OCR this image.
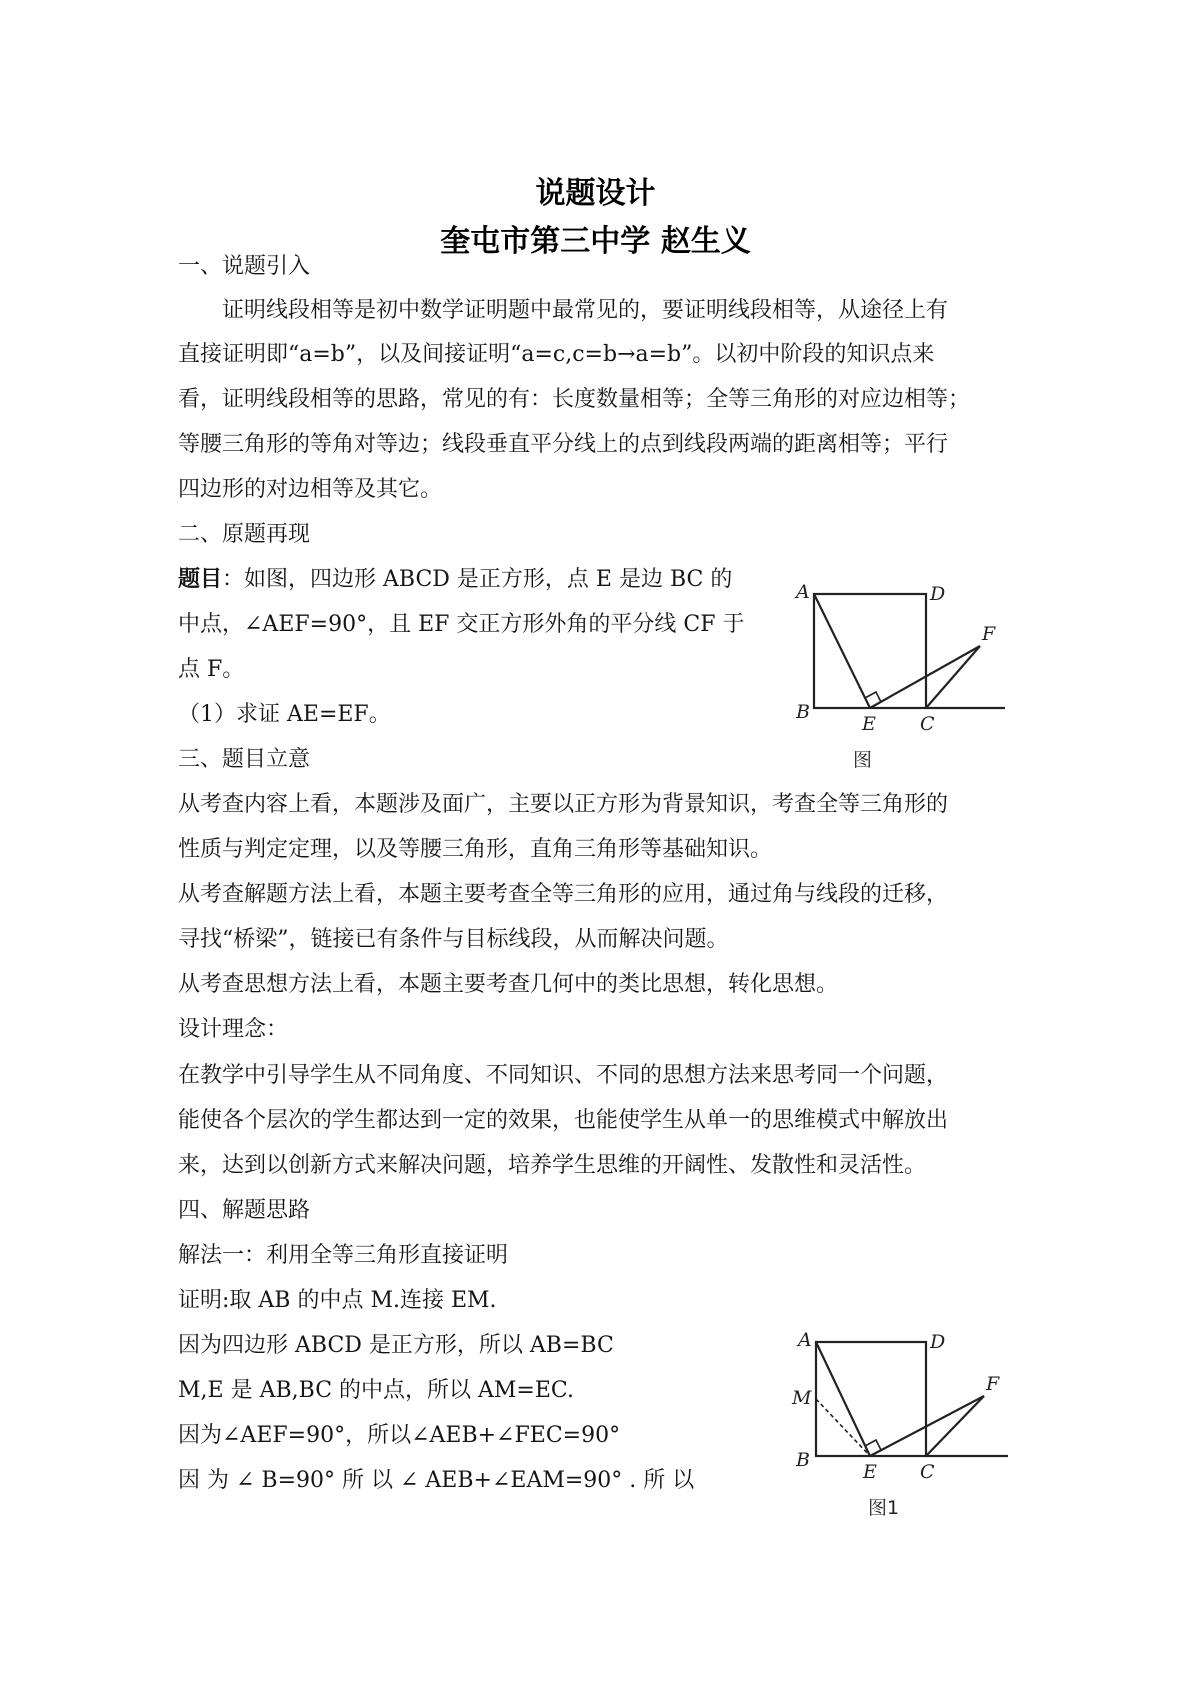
说题设计
奎屯市第三中学 赵生义
一、说题引入
　　证明线段相等是初中数学证明题中最常见的，要证明线段相等，从途径上有
直接证明即“a=b”，以及间接证明“a=c,c=b→a=b”。以初中阶段的知识点来
看，证明线段相等的思路，常见的有：长度数量相等；全等三角形的对应边相等；
等腰三角形的等角对等边；线段垂直平分线上的点到线段两端的距离相等；平行
四边形的对边相等及其它。
二、原题再现
题目：如图，四边形 ABCD 是正方形，点 E 是边 BC 的
中点，∠AEF=90°，且 EF 交正方形外角的平分线 CF 于
点 F。
（1）求证 AE=EF。
三、题目立意
从考查内容上看，本题涉及面广，主要以正方形为背景知识，考查全等三角形的
性质与判定定理，以及等腰三角形，直角三角形等基础知识。
从考查解题方法上看，本题主要考查全等三角形的应用，通过角与线段的迁移，
寻找“桥梁”，链接已有条件与目标线段，从而解决问题。
从考查思想方法上看，本题主要考查几何中的类比思想，转化思想。
设计理念：
在教学中引导学生从不同角度、不同知识、不同的思想方法来思考同一个问题，
能使各个层次的学生都达到一定的效果，也能使学生从单一的思维模式中解放出
来，达到以创新方式来解决问题，培养学生思维的开阔性、发散性和灵活性。
四、解题思路
解法一：利用全等三角形直接证明
证明:取 AB 的中点 M.连接 EM.
因为四边形 ABCD 是正方形，所以 AB=BC
M,E 是 AB,BC 的中点，所以 AM=EC.
因为∠AEF=90°，所以∠AEB+∠FEC=90°
因 为 ∠ B=90° 所 以 ∠ AEB+∠EAM=90° . 所 以
A	D
B
E C
F
图
A	D
M
B
E C
F
图1
